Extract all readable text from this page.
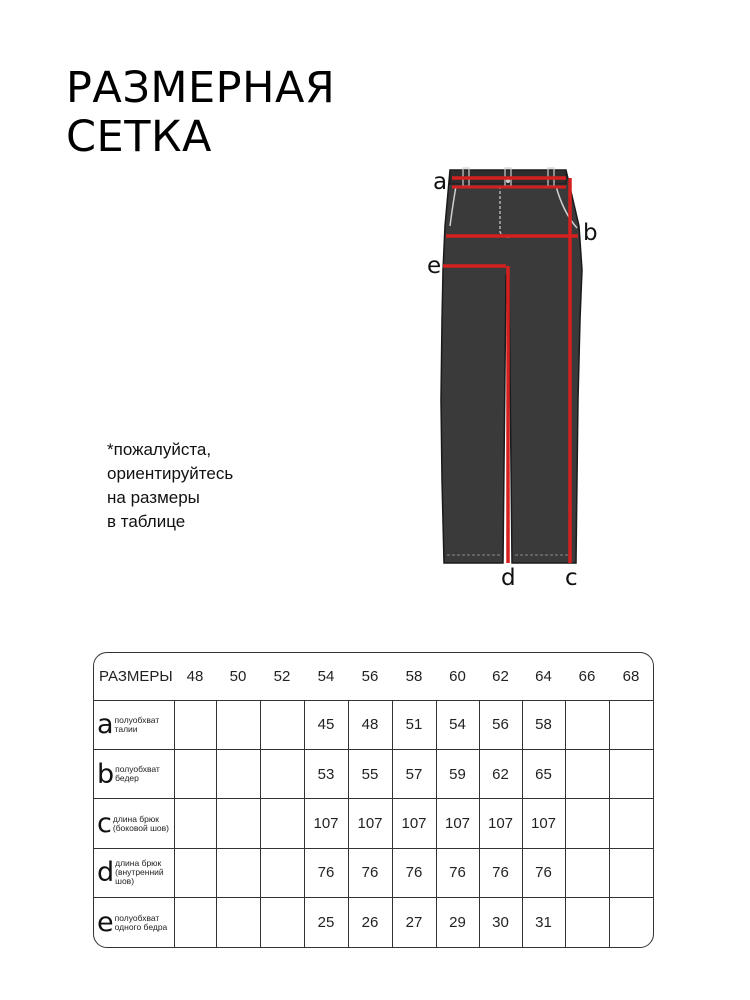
РАЗМЕРНАЯ
СЕТКА
a
b
e
d c
*пожалуйста,
ориентируйтесь
на размеры
в таблице
РАЗМЕРЫ	48	50	52	54	56	58	60	62	64	66	68

a полуобхват талии				45	48	51	54	56	58		

b полуобхват бедер				53	55	57	59	62	65		

c длина брюк (боковой шов)				107	107	107	107	107	107		

d длина брюк (внутренний шов)				76	76	76	76	76	76		

e полуобхват одного бедра				25	26	27	29	30	31		
